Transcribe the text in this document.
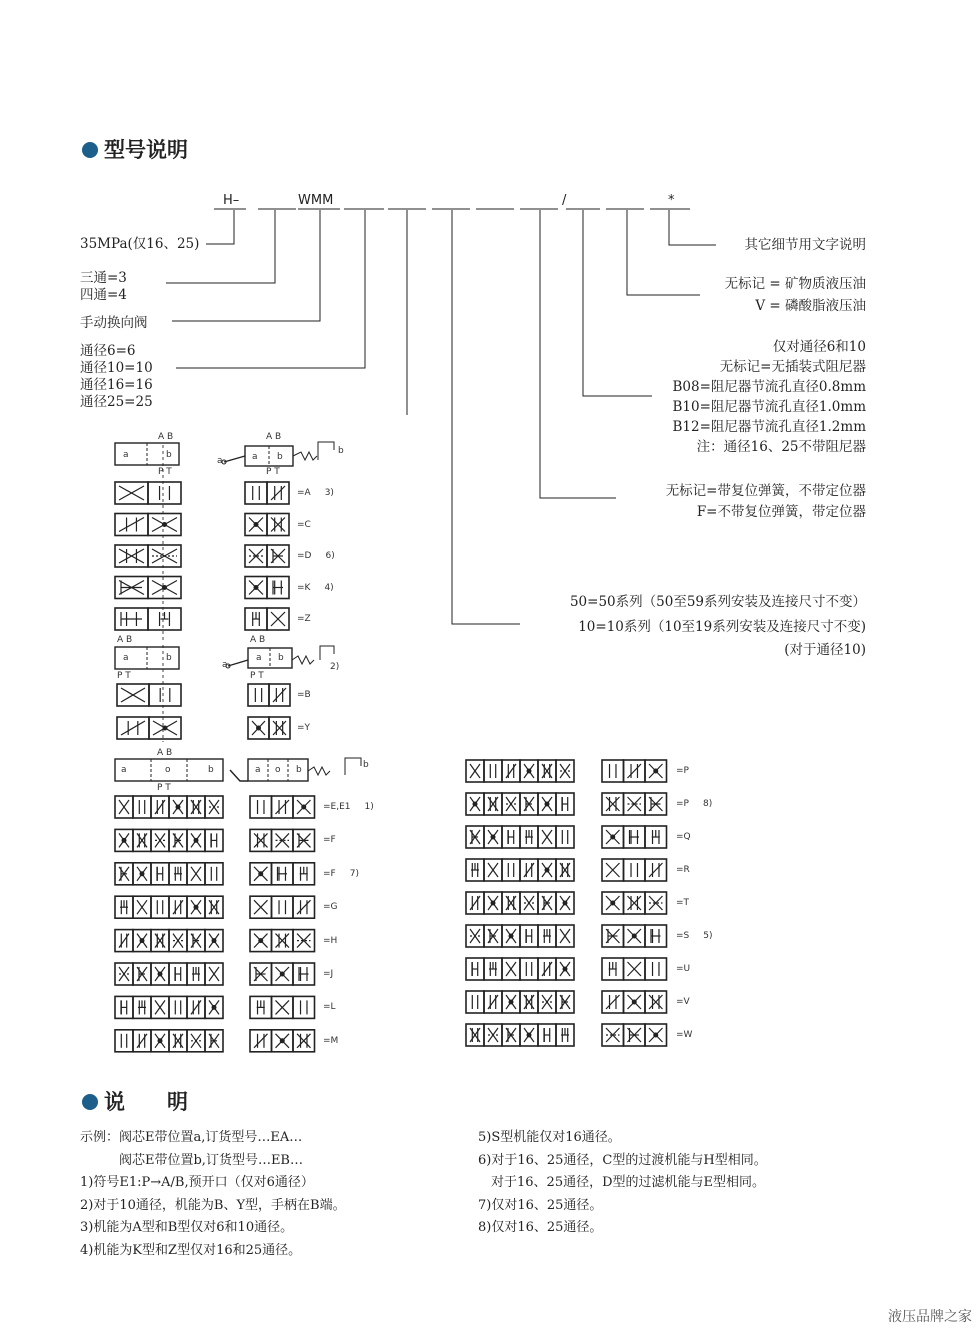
型号说明
说　　明
H–	WMM	/	*
35MPa(仅16、25)
三通=3
四通=4
手动换向阀
通径6=6
通径10=10
通径16=16
通径25=25
其它细节用文字说明
无标记 = 矿物质液压油
V = 磷酸脂液压油
仅对通径6和10
无标记=无插装式阻尼器
B08=阻尼器节流孔直径0.8mm
B10=阻尼器节流孔直径1.0mm
B12=阻尼器节流孔直径1.2mm
注：通径16、25不带阻尼器
无标记=带复位弹簧，不带定位器
F=不带复位弹簧，带定位器
50=50系列（50至59系列安装及连接尺寸不变）
10=10系列（10至19系列安装及连接尺寸不变)
(对于通径10)
A B
P T
A B
P T
a	b	a b
a
b
A B
P T
A B
P T
a	b	a b
a	2)
A B
P T
a	o	b	a o b	b
=A 3)
=C
=D 6)
=K 4)
=Z
=B
=Y
=E,E1 1)
=F
=F 7)
=G
=H
=J
=L
=M
=P
=P 8)
=Q
=R
=T
=S 5)
=U
=V
=W
示例：阀芯E带位置a,订货型号…EA…
　　　阀芯E带位置b,订货型号…EB…
1)符号E1:P→A/B,预开口（仅对6通径）
2)对于10通径，机能为B、Y型，手柄在B端。
3)机能为A型和B型仅对6和10通径。
4)机能为K型和Z型仅对16和25通径。
5)S型机能仅对16通径。
6)对于16、25通径，C型的过渡机能与H型相同。
　对于16、25通径，D型的过滤机能与E型相同。
7)仅对16、25通径。
8)仅对16、25通径。
液压品牌之家
